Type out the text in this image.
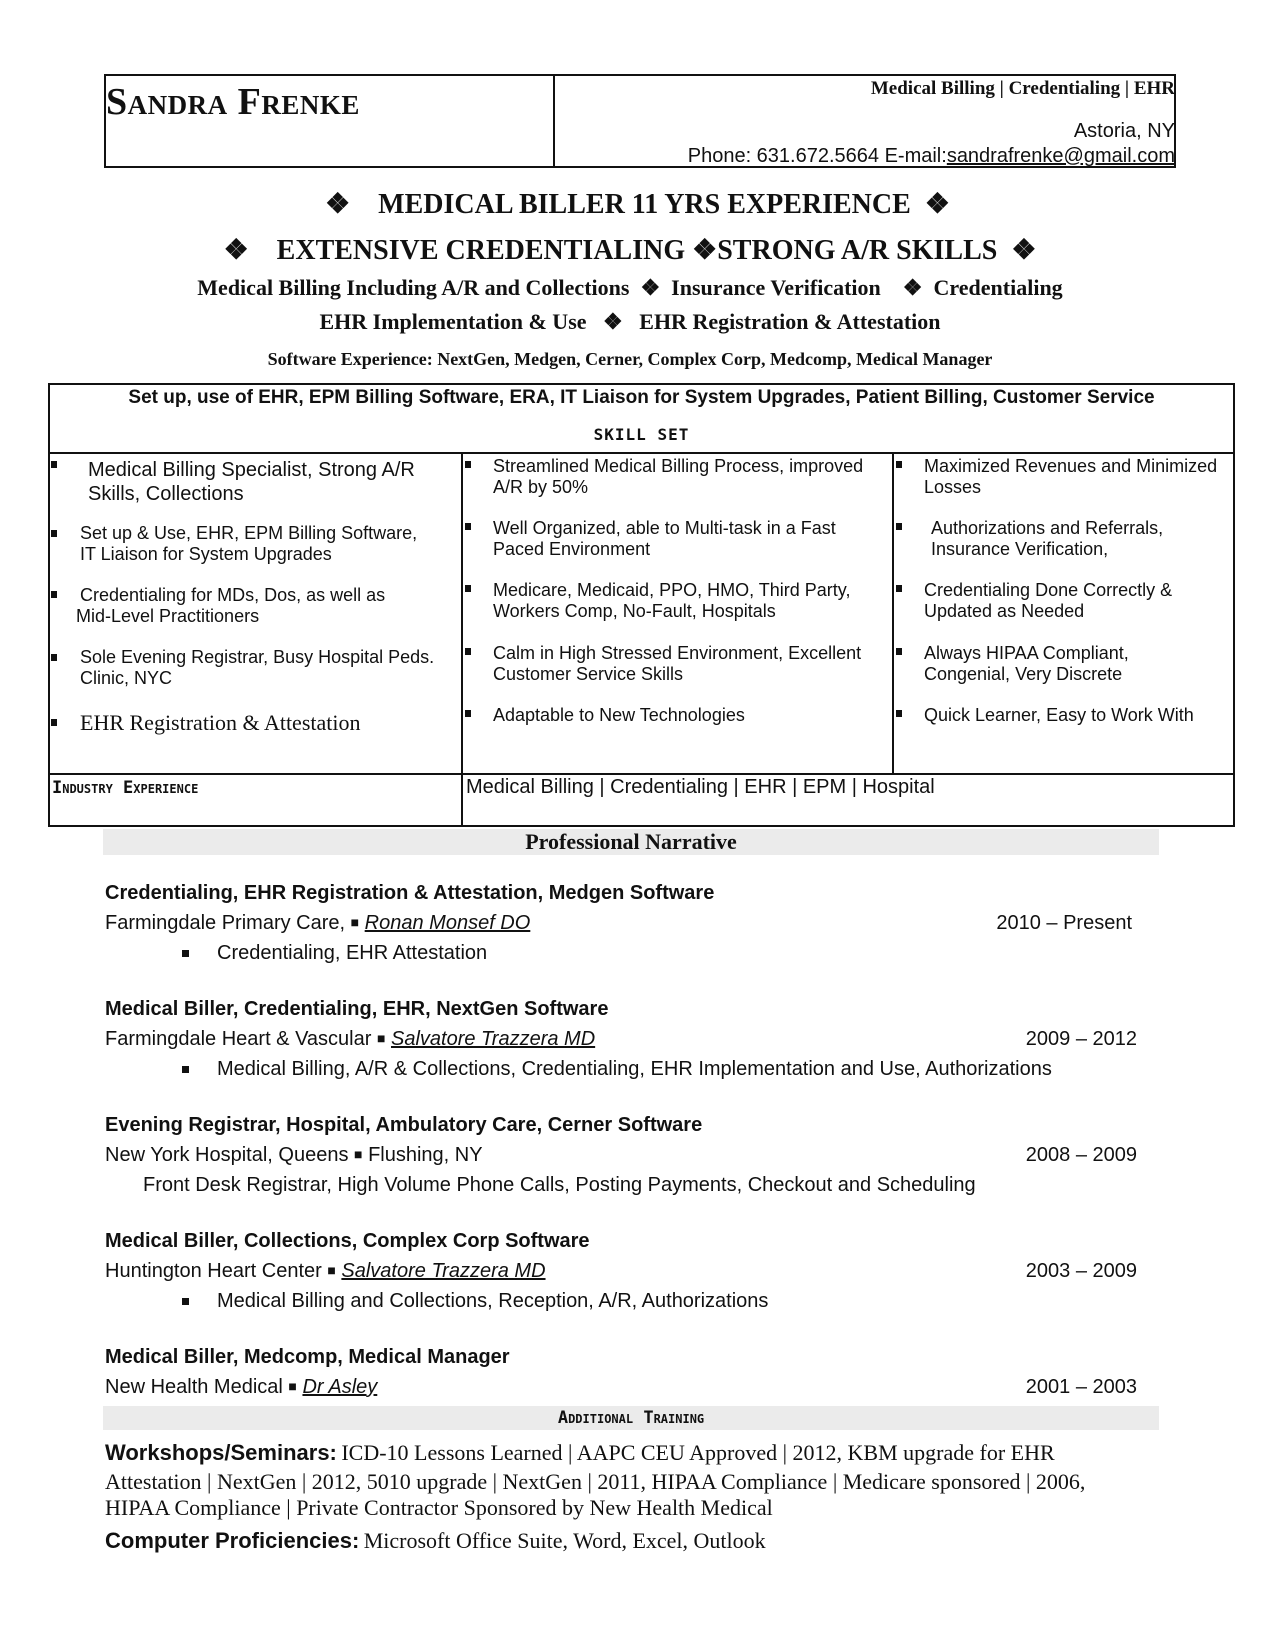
Sandra Frenke	Medical Billing | Credentialing | EHR
Astoria, NY
Phone: 631.672.5664 E-mail:sandrafrenke@gmail.com
❖ MEDICAL BILLER 11 YRS EXPERIENCE ❖
❖ EXTENSIVE CREDENTIALING ❖STRONG A/R SKILLS ❖
Medical Billing Including A/R and Collections ❖ Insurance Verification ❖ Credentialing
EHR Implementation & Use ❖ EHR Registration & Attestation
Software Experience: NextGen, Medgen, Cerner, Complex Corp, Medcomp, Medical Manager
Set up, use of EHR, EPM Billing Software, ERA, IT Liaison for System Upgrades, Patient Billing, Customer Service
SKILL SET
Medical Billing Specialist, Strong A/R
Skills, Collections
Set up & Use, EHR, EPM Billing Software,
IT Liaison for System Upgrades
Credentialing for MDs, Dos, as well as
Mid-Level Practitioners
Sole Evening Registrar, Busy Hospital Peds.
Clinic, NYC
EHR Registration & Attestation
Streamlined Medical Billing Process, improved
A/R by 50%
Well Organized, able to Multi-task in a Fast
Paced Environment
Medicare, Medicaid, PPO, HMO, Third Party,
Workers Comp, No-Fault, Hospitals
Calm in High Stressed Environment, Excellent
Customer Service Skills
Adaptable to New Technologies
Maximized Revenues and Minimized
Losses
Authorizations and Referrals,
Insurance Verification,
Credentialing Done Correctly &
Updated as Needed
Always HIPAA Compliant,
Congenial, Very Discrete
Quick Learner, Easy to Work With
Industry Experience	Medical Billing | Credentialing | EHR | EPM | Hospital
Professional Narrative
Credentialing, EHR Registration & Attestation, Medgen Software
Farmingdale Primary Care, ■ Ronan Monsef DO	2010 – Present
Credentialing, EHR Attestation
Medical Biller, Credentialing, EHR, NextGen Software
Farmingdale Heart & Vascular ■ Salvatore Trazzera MD	2009 – 2012
Medical Billing, A/R & Collections, Credentialing, EHR Implementation and Use, Authorizations
Evening Registrar, Hospital, Ambulatory Care, Cerner Software
New York Hospital, Queens ■ Flushing, NY	2008 – 2009
Front Desk Registrar, High Volume Phone Calls, Posting Payments, Checkout and Scheduling
Medical Biller, Collections, Complex Corp Software
Huntington Heart Center ■ Salvatore Trazzera MD	2003 – 2009
Medical Billing and Collections, Reception, A/R, Authorizations
Medical Biller, Medcomp, Medical Manager
New Health Medical ■ Dr Asley	2001 – 2003
Additional Training
Workshops/Seminars: ICD-10 Lessons Learned | AAPC CEU Approved | 2012, KBM upgrade for EHR
Attestation | NextGen | 2012, 5010 upgrade | NextGen | 2011, HIPAA Compliance | Medicare sponsored | 2006,
HIPAA Compliance | Private Contractor Sponsored by New Health Medical
Computer Proficiencies: Microsoft Office Suite, Word, Excel, Outlook
